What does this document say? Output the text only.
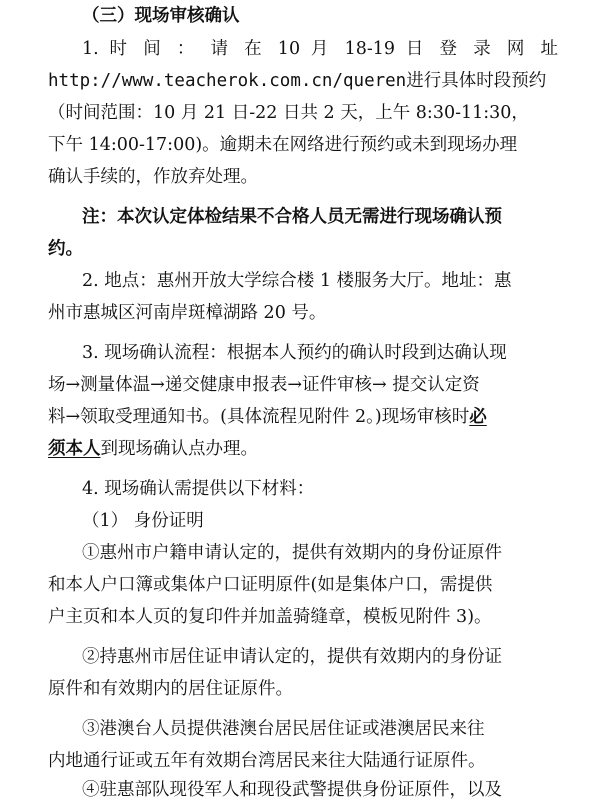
（三）现场审核确认
1. 时 间 ： 请 在 10 月 18-19 日 登 录 网 址
http://www.teacherok.com.cn/queren进行具体时段预约
（时间范围：10 月 21 日-22 日共 2 天，上午 8:30-11:30，
下午 14:00-17:00)。逾期未在网络进行预约或未到现场办理
确认手续的，作放弃处理。
注：本次认定体检结果不合格人员无需进行现场确认预
约。
2. 地点：惠州开放大学综合楼 1 楼服务大厅。地址：惠
州市惠城区河南岸斑樟湖路 20 号。
3. 现场确认流程：根据本人预约的确认时段到达确认现
场→测量体温→递交健康申报表→证件审核→ 提交认定资
料→领取受理通知书。(具体流程见附件 2。)现场审核时必
须本人到现场确认点办理。
4. 现场确认需提供以下材料：
（1） 身份证明
①惠州市户籍申请认定的，提供有效期内的身份证原件
和本人户口簿或集体户口证明原件(如是集体户口，需提供
户主页和本人页的复印件并加盖骑缝章，模板见附件 3)。
②持惠州市居住证申请认定的，提供有效期内的身份证
原件和有效期内的居住证原件。
③港澳台人员提供港澳台居民居住证或港澳居民来往
内地通行证或五年有效期台湾居民来往大陆通行证原件。
④驻惠部队现役军人和现役武警提供身份证原件，以及
